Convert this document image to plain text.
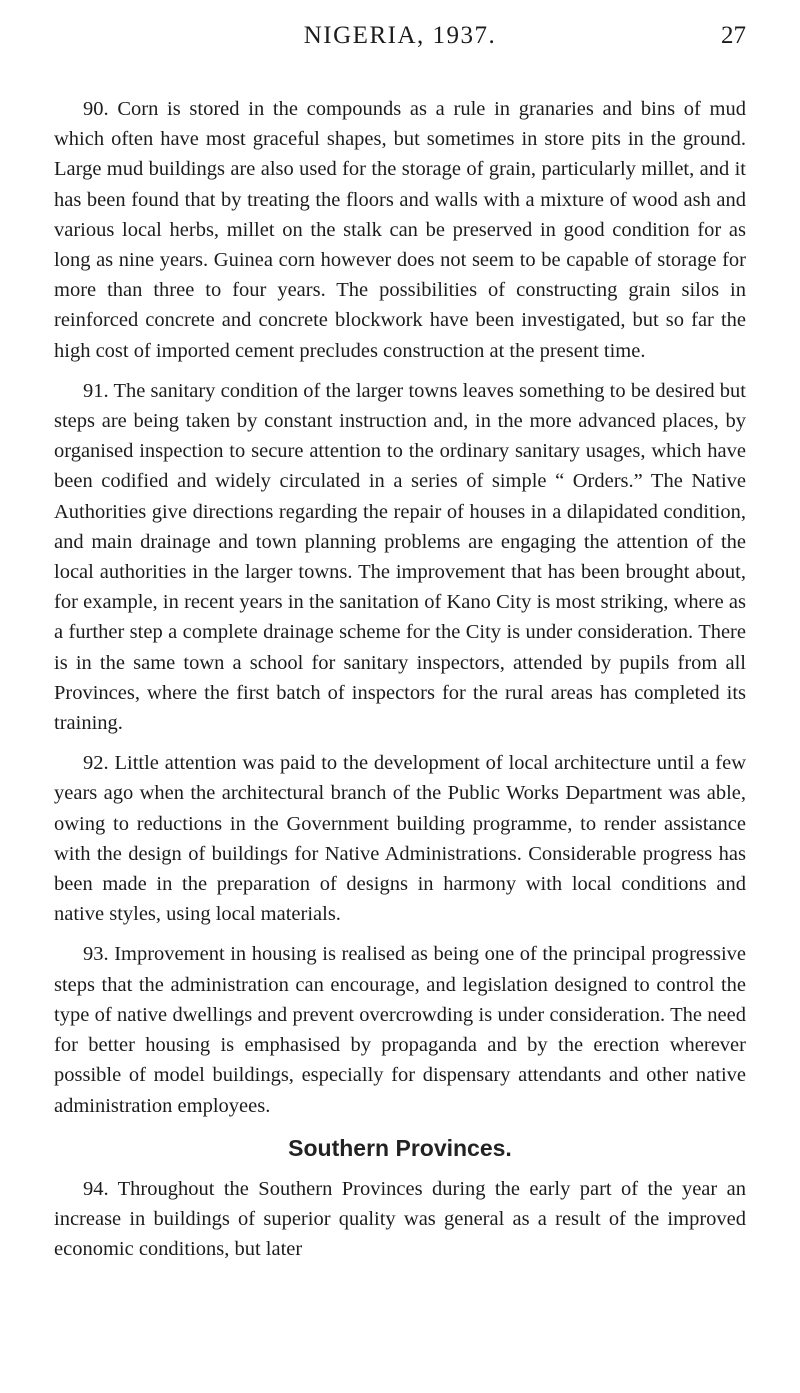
NIGERIA, 1937.	27

90. Corn is stored in the compounds as a rule in granaries and bins of mud which often have most graceful shapes, but sometimes in store pits in the ground. Large mud buildings are also used for the storage of grain, particularly millet, and it has been found that by treating the floors and walls with a mixture of wood ash and various local herbs, millet on the stalk can be preserved in good condition for as long as nine years. Guinea corn however does not seem to be capable of storage for more than three to four years. The possibilities of constructing grain silos in reinforced concrete and concrete blockwork have been investigated, but so far the high cost of imported cement precludes construction at the present time.

91. The sanitary condition of the larger towns leaves something to be desired but steps are being taken by constant instruction and, in the more advanced places, by organised inspection to secure attention to the ordinary sanitary usages, which have been codified and widely circulated in a series of simple “ Orders.” The Native Authorities give directions regarding the repair of houses in a dilapidated condition, and main drainage and town planning problems are engaging the attention of the local authorities in the larger towns. The improvement that has been brought about, for example, in recent years in the sanitation of Kano City is most striking, where as a further step a complete drainage scheme for the City is under consideration. There is in the same town a school for sanitary inspectors, attended by pupils from all Provinces, where the first batch of inspectors for the rural areas has completed its training.

92. Little attention was paid to the development of local architecture until a few years ago when the architectural branch of the Public Works Department was able, owing to reductions in the Government building programme, to render assistance with the design of buildings for Native Administrations. Considerable progress has been made in the preparation of designs in harmony with local conditions and native styles, using local materials.

93. Improvement in housing is realised as being one of the principal progressive steps that the administration can encourage, and legislation designed to control the type of native dwellings and prevent overcrowding is under consideration. The need for better housing is emphasised by propaganda and by the erection wherever possible of model buildings, especially for dispensary attendants and other native administration employees.

Southern Provinces.

94. Throughout the Southern Provinces during the early part of the year an increase in buildings of superior quality was general as a result of the improved economic conditions, but later
